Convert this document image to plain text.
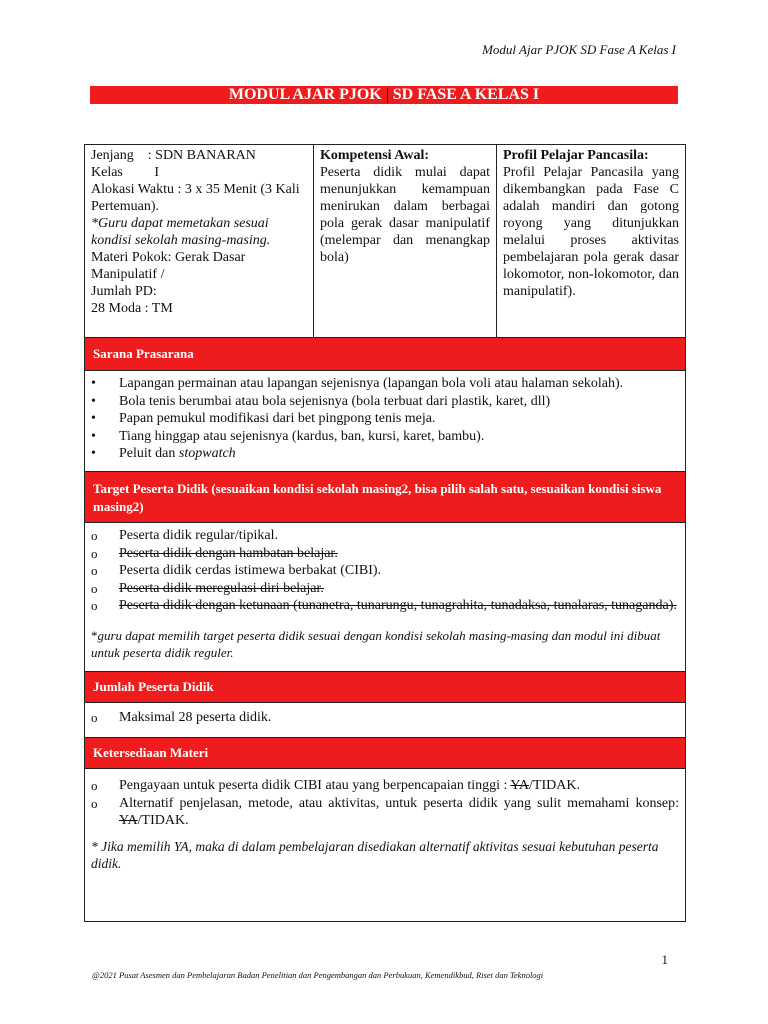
Modul Ajar PJOK SD Fase A Kelas I
MODUL AJAR PJOK SD FASE A KELAS I
Jenjang    : SDN BANARAN
Kelas         I
Alokasi Waktu : 3 x 35 Menit (3 Kali Pertemuan).
*Guru dapat memetakan sesuai kondisi sekolah masing-masing.
Materi Pokok: Gerak Dasar Manipulatif /
Jumlah PD:
28 Moda : TM

Kompetensi Awal:
Peserta didik mulai dapat menunjukkan kemampuan menirukan dalam berbagai pola gerak dasar manipulatif (melempar dan menangkap bola)

Profil Pelajar Pancasila:
Profil Pelajar Pancasila yang dikembangkan pada Fase C adalah mandiri dan gotong royong yang ditunjukkan melalui proses aktivitas pembelajaran pola gerak dasar lokomotor, non-lokomotor, dan manipulatif).

Sarana Prasarana

• Lapangan permainan atau lapangan sejenisnya (lapangan bola voli atau halaman sekolah).
• Bola tenis berumbai atau bola sejenisnya (bola terbuat dari plastik, karet, dll)
• Papan pemukul modifikasi dari bet pingpong tenis meja.
• Tiang hinggap atau sejenisnya (kardus, ban, kursi, karet, bambu).
• Peluit dan stopwatch

Target Peserta Didik (sesuaikan kondisi sekolah masing2, bisa pilih salah satu, sesuaikan kondisi siswa masing2)

o Peserta didik regular/tipikal.
o Peserta didik dengan hambatan belajar.
o Peserta didik cerdas istimewa berbakat (CIBI).
o Peserta didik meregulasi diri belajar.
o Peserta didik dengan ketunaan (tunanetra, tunarungu, tunagrahita, tunadaksa, tunalaras, tunaganda).
*guru dapat memilih target peserta didik sesuai dengan kondisi sekolah masing-masing dan modul ini dibuat untuk peserta didik reguler.

Jumlah Peserta Didik

o Maksimal 28 peserta didik.

Ketersediaan Materi

o Pengayaan untuk peserta didik CIBI atau yang berpencapaian tinggi : YA/TIDAK.
o Alternatif penjelasan, metode, atau aktivitas, untuk peserta didik yang sulit memahami konsep: YA/TIDAK.
* Jika memilih YA, maka di dalam pembelajaran disediakan alternatif aktivitas sesuai kebutuhan peserta didik.
1
@2021 Pusat Asesmen dan Pembelajaran Badan Penelitian dan Pengembangan dan Perbukuan, Kemendikbud, Riset dan Teknologi
